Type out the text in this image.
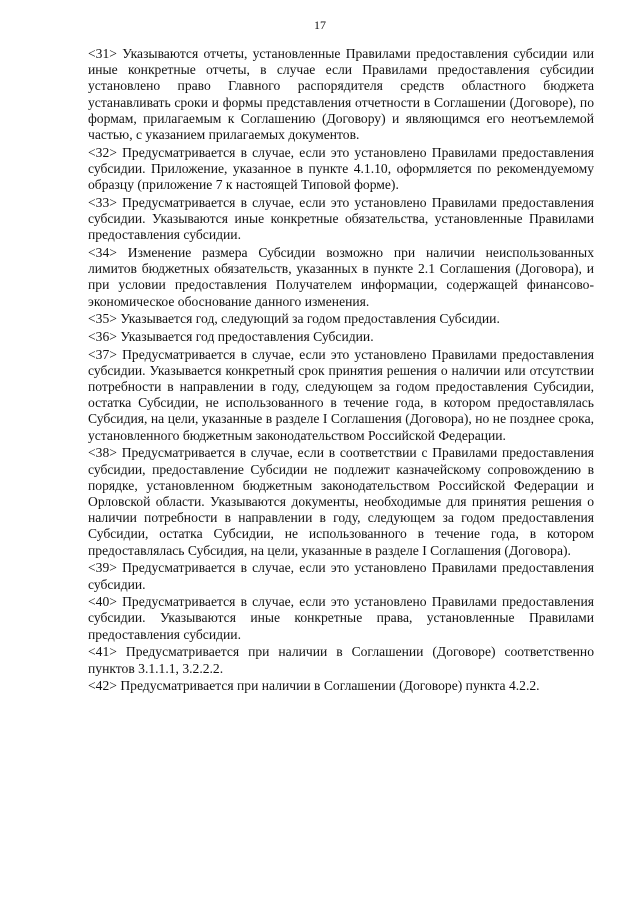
17

<31> Указываются отчеты, установленные Правилами предоставления субсидии или иные конкретные отчеты, в случае если Правилами предоставления субсидии установлено право Главного распорядителя средств областного бюджета устанавливать сроки и формы представления отчетности в Соглашении (Договоре), по формам, прилагаемым к Соглашению (Договору) и являющимся его неотъемлемой частью, с указанием прилагаемых документов.

<32> Предусматривается в случае, если это установлено Правилами предоставления субсидии. Приложение, указанное в пункте 4.1.10, оформляется по рекомендуемому образцу (приложение 7 к настоящей Типовой форме).

<33> Предусматривается в случае, если это установлено Правилами предоставления субсидии. Указываются иные конкретные обязательства, установленные Правилами предоставления субсидии.

<34> Изменение размера Субсидии возможно при наличии неиспользованных лимитов бюджетных обязательств, указанных в пункте 2.1 Соглашения (Договора), и при условии предоставления Получателем информации, содержащей финансово-экономическое обоснование данного изменения.

<35> Указывается год, следующий за годом предоставления Субсидии.

<36> Указывается год предоставления Субсидии.

<37> Предусматривается в случае, если это установлено Правилами предоставления субсидии. Указывается конкретный срок принятия решения о наличии или отсутствии потребности в направлении в году, следующем за годом предоставления Субсидии, остатка Субсидии, не использованного в течение года, в котором предоставлялась Субсидия, на цели, указанные в разделе I Соглашения (Договора), но не позднее срока, установленного бюджетным законодательством Российской Федерации.

<38> Предусматривается в случае, если в соответствии с Правилами предоставления субсидии, предоставление Субсидии не подлежит казначейскому сопровождению в порядке, установленном бюджетным законодательством Российской Федерации и Орловской области. Указываются документы, необходимые для принятия решения о наличии потребности в направлении в году, следующем за годом предоставления Субсидии, остатка Субсидии, не использованного в течение года, в котором предоставлялась Субсидия, на цели, указанные в разделе I Соглашения (Договора).

<39> Предусматривается в случае, если это установлено Правилами предоставления субсидии.

<40> Предусматривается в случае, если это установлено Правилами предоставления субсидии. Указываются иные конкретные права, установленные Правилами предоставления субсидии.

<41> Предусматривается при наличии в Соглашении (Договоре) соответственно пунктов 3.1.1.1, 3.2.2.2.

<42> Предусматривается при наличии в Соглашении (Договоре) пункта 4.2.2.
